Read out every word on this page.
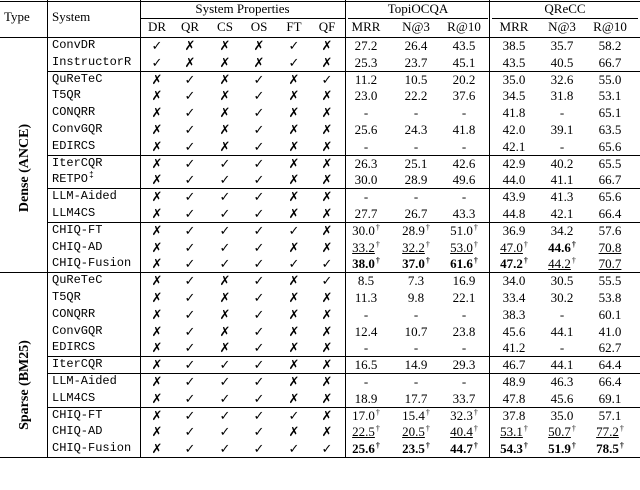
Type	System
System Properties	TopiOCQA	QReCC
DR	QR	CS	OS	FT	QF	MRR	N@3	R@10	MRR	N@3	R@10
ConvDR	✓	✗	✗	✗	✓	✗	27.2	26.4	43.5	38.5	35.7	58.2
InstructorR	✓	✗	✗	✗	✓	✗	25.3	23.7	45.1	43.5	40.5	66.7
QuReTeC	✗	✓	✗	✓	✗	✓	11.2	10.5	20.2	35.0	32.6	55.0
T5QR	✗	✓	✗	✓	✗	✗	23.0	22.2	37.6	34.5	31.8	53.1
CONQRR	✗	✓	✗	✓	✗	✗	-	-	-	41.8	-	65.1
ConvGQR	✗	✓	✗	✓	✗	✗	25.6	24.3	41.8	42.0	39.1	63.5
EDIRCS	✗	✓	✗	✓	✗	✗	-	-	-	42.1	-	65.6
IterCQR	✗	✓	✓	✓	✗	✗	26.3	25.1	42.6	42.9	40.2	65.5
RETPO‡	✗	✓	✓	✓	✗	✗	30.0	28.9	49.6	44.0	41.1	66.7
LLM-Aided	✗	✓	✓	✓	✗	✗	-	-	-	43.9	41.3	65.6
LLM4CS	✗	✓	✓	✓	✗	✗	27.7	26.7	43.3	44.8	42.1	66.4
CHIQ-FT	✗	✓	✓	✓	✓	✗	30.0†	28.9†	51.0†	36.9	34.2	57.6
CHIQ-AD	✗	✓	✓	✓	✗	✗	33.2†	32.2†	53.0†	47.0†	44.6†	70.8
CHIQ-Fusion	✗	✓	✓	✓	✓	✓	38.0†	37.0†	61.6†	47.2†	44.2†	70.7
QuReTeC	✗	✓	✗	✓	✗	✓	8.5	7.3	16.9	34.0	30.5	55.5
T5QR	✗	✓	✗	✓	✗	✗	11.3	9.8	22.1	33.4	30.2	53.8
CONQRR	✗	✓	✗	✓	✗	✗	-	-	-	38.3	-	60.1
ConvGQR	✗	✓	✗	✓	✗	✗	12.4	10.7	23.8	45.6	44.1	41.0
EDIRCS	✗	✓	✗	✓	✗	✗	-	-	-	41.2	-	62.7
IterCQR	✗	✓	✓	✓	✗	✗	16.5	14.9	29.3	46.7	44.1	64.4
LLM-Aided	✗	✓	✓	✓	✗	✗	-	-	-	48.9	46.3	66.4
LLM4CS	✗	✓	✓	✓	✗	✗	18.9	17.7	33.7	47.8	45.6	69.1
CHIQ-FT	✗	✓	✓	✓	✓	✗	17.0†	15.4†	32.3†	37.8	35.0	57.1
CHIQ-AD	✗	✓	✓	✓	✗	✗	22.5†	20.5†	40.4†	53.1†	50.7†	77.2†
CHIQ-Fusion	✗	✓	✓	✓	✓	✓	25.6†	23.5†	44.7†	54.3†	51.9†	78.5†
Dense (ANCE)
Sparse (BM25)
